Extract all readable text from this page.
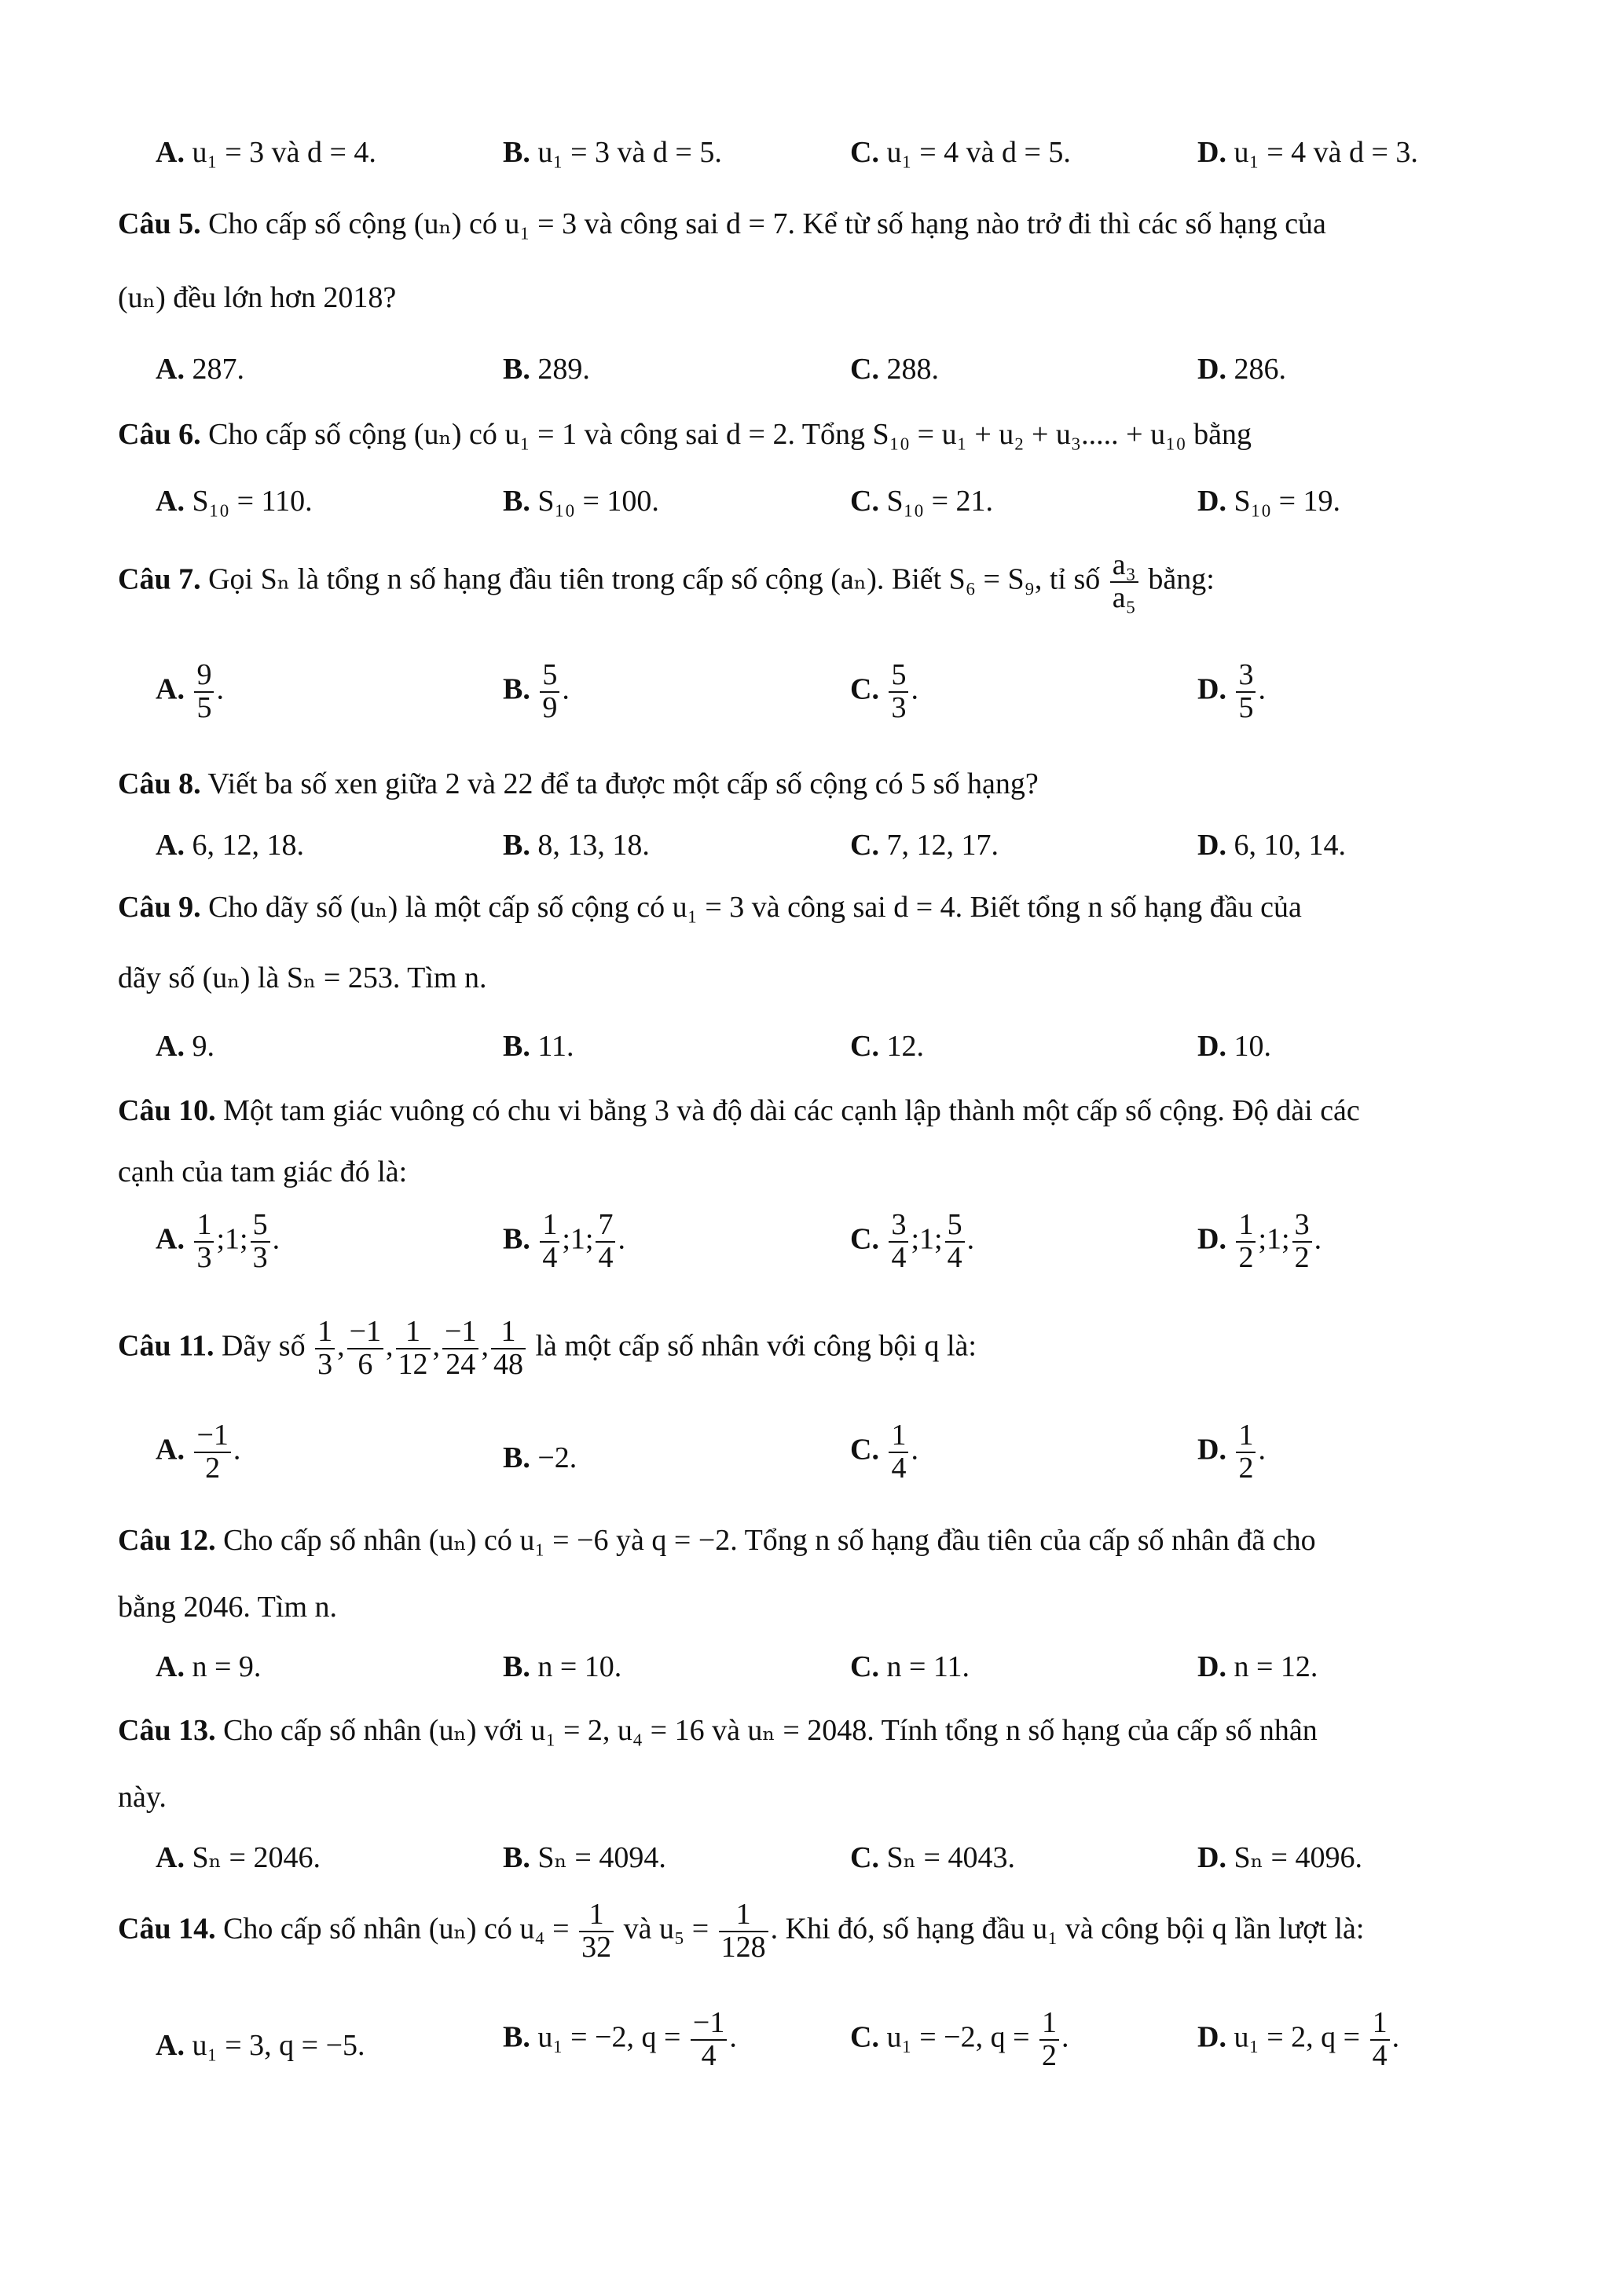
A. u₁ = 3 và d = 4.	B. u₁ = 3 và d = 5.	C. u₁ = 4 và d = 5.	D. u₁ = 4 và d = 3.
Câu 5. Cho cấp số cộng (uₙ) có u₁ = 3 và công sai d = 7. Kể từ số hạng nào trở đi thì các số hạng của
(uₙ) đều lớn hơn 2018?
A. 287.	B. 289.	C. 288.	D. 286.
Câu 6. Cho cấp số cộng (uₙ) có u₁ = 1 và công sai d = 2. Tổng S₁₀ = u₁ + u₂ + u₃..... + u₁₀ bằng
A. S₁₀ = 110.	B. S₁₀ = 100.	C. S₁₀ = 21.	D. S₁₀ = 19.
Câu 7. Gọi Sₙ là tổng n số hạng đầu tiên trong cấp số cộng (aₙ). Biết S₆ = S₉, tỉ số $\frac{\text{a₃}}{\text{a₅}}$ bằng:
A. $\frac{9}{5}$ .	B. $\frac{5}{9}$ .	C. $\frac{5}{3}$ .	D. $\frac{3}{5}$ .
Câu 8. Viết ba số xen giữa 2 và 22 để ta được một cấp số cộng có 5 số hạng?
A. 6, 12, 18.	B. 8, 13, 18.	C. 7, 12, 17.	D. 6, 10, 14.
Câu 9. Cho dãy số (uₙ) là một cấp số cộng có u₁ = 3 và công sai d = 4. Biết tổng n số hạng đầu của
dãy số (uₙ) là Sₙ = 253. Tìm n.
A. 9.	B. 11.	C. 12.	D. 10.
Câu 10. Một tam giác vuông có chu vi bằng 3 và độ dài các cạnh lập thành một cấp số cộng. Độ dài các
cạnh của tam giác đó là:
A. $\frac{1}{3}$ ;1; $\frac{5}{3}$ .	B. $\frac{1}{4}$ ;1; $\frac{7}{4}$ .	C. $\frac{3}{4}$ ;1; $\frac{5}{4}$ .	D. $\frac{1}{2}$ ;1; $\frac{3}{2}$ .
Câu 11. Dãy số $\frac{1}{3}$ , $\frac{-1}{6}$ , $\frac{1}{12}$ , $\frac{-1}{24}$ , $\frac{1}{48}$ là một cấp số nhân với công bội q là:
A. $\frac{-1}{2}$ .	B. −2.	C. $\frac{1}{4}$ .	D. $\frac{1}{2}$ .
Câu 12. Cho cấp số nhân (uₙ) có u₁ = −6 yà q = −2. Tổng n số hạng đầu tiên của cấp số nhân đã cho
bằng 2046. Tìm n.
A. n = 9.	B. n = 10.	C. n = 11.	D. n = 12.
Câu 13. Cho cấp số nhân (uₙ) với u₁ = 2, u₄ = 16 và uₙ = 2048. Tính tổng n số hạng của cấp số nhân
này.
A. Sₙ = 2046.	B. Sₙ = 4094.	C. Sₙ = 4043.	D. Sₙ = 4096.
Câu 14. Cho cấp số nhân (uₙ) có $u_4 = \frac{1}{32}$ và $u_5 = \frac{1}{128}$ . Khi đó, số hạng đầu u₁ và công bội q lần lượt là:
A. u₁ = 3, q = −5.	B. u₁ = −2, $q = \frac{-1}{4}$ .	C. u₁ = −2, $q = \frac{1}{2}$ .	D. u₁ = 2, $q = \frac{1}{4}$ .
